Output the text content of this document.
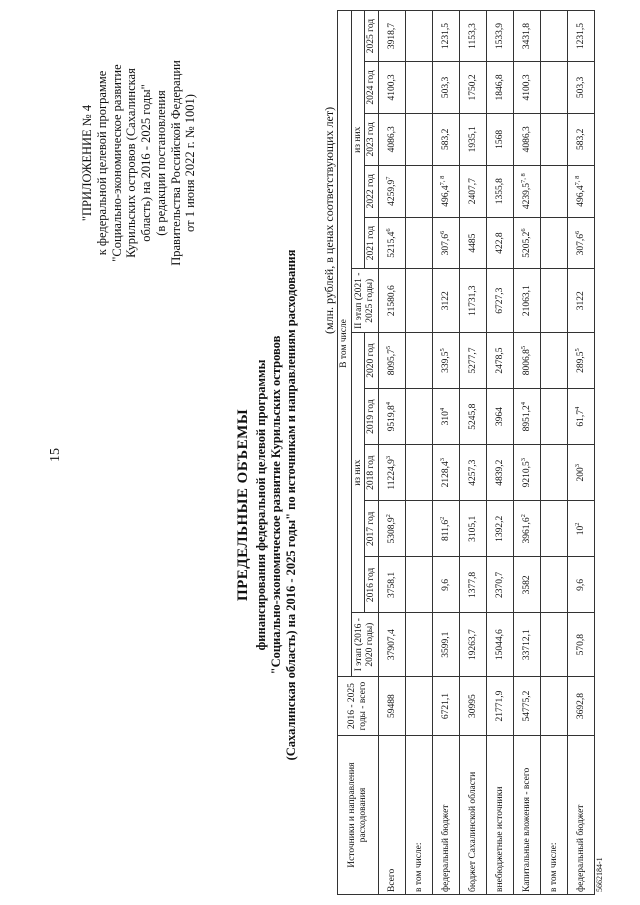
15
"ПРИЛОЖЕНИЕ № 4 к федеральной целевой программе "Социально-экономическое развитие Курильских островов (Сахалинская область) на 2016 - 2025 годы" (в редакции постановления Правительства Российской Федерации от 1 июня 2022 г. № 1001)
ПРЕДЕЛЬНЫЕ ОБЪЕМЫ финансирования федеральной целевой программы "Социально-экономическое развитие Курильских островов (Сахалинская область) на 2016 - 2025 годы" по источникам и направлениям расходования
(млн. рублей, в ценах соответствующих лет)
Источники и направления расходования	2016 - 2025 годы - всего	В том числе											
		I этап (2016 - 2020 годы)	из них					II этап (2021 - 2025 годы)	из них				
			2016 год	2017 год	2018 год	2019 год	2020 год		2021 год	2022 год	2023 год	2024 год	2025 год
Всего	59488	37907,4	3758,1	5308,9$^2$	11224,9$^3$	9519,8$^4$	8095,7$^5$	21580,6	5215,4$^6$	4259,9$^7$	4086,3	4100,3	3918,7
в том числе:													
федеральный бюджет	6721,1	3599,1	9,6	811,6$^2$	2128,4$^3$	$310^4$	339,5$^5$	3122	307,6$^6$	496,4$^{7, 8}$	583,2	503,3	1231,5
бюджет Сахалинской области	30995	19263,7	1377,8	3105,1	4257,3	5245,8	5277,7	11731,3	4485	2407,7	1935,1	1750,2	1153,3
внебюджетные источники	21771,9	15044,6	2370,7	1392,2	4839,2	3964	2478,5	6727,3	422,8	1355,8	1568	1846,8	1533,9
Капитальные вложения - всего	54775,2	33712,1	3582	3961,6$^2$	9210,5$^3$	8951,2$^4$	8006,8$^5$	21063,1	5205,2$^6$	4239,5$^{7, 8}$	4086,3	4100,3	3431,8
в том числе:													
федеральный бюджет	3692,8	570,8	9,6	$10^2$	$200^3$	61,7$^4$	289,5$^5$	3122	307,6$^6$	496,4$^{7, 8}$	583,2	503,3	1231,5
5662184-1
